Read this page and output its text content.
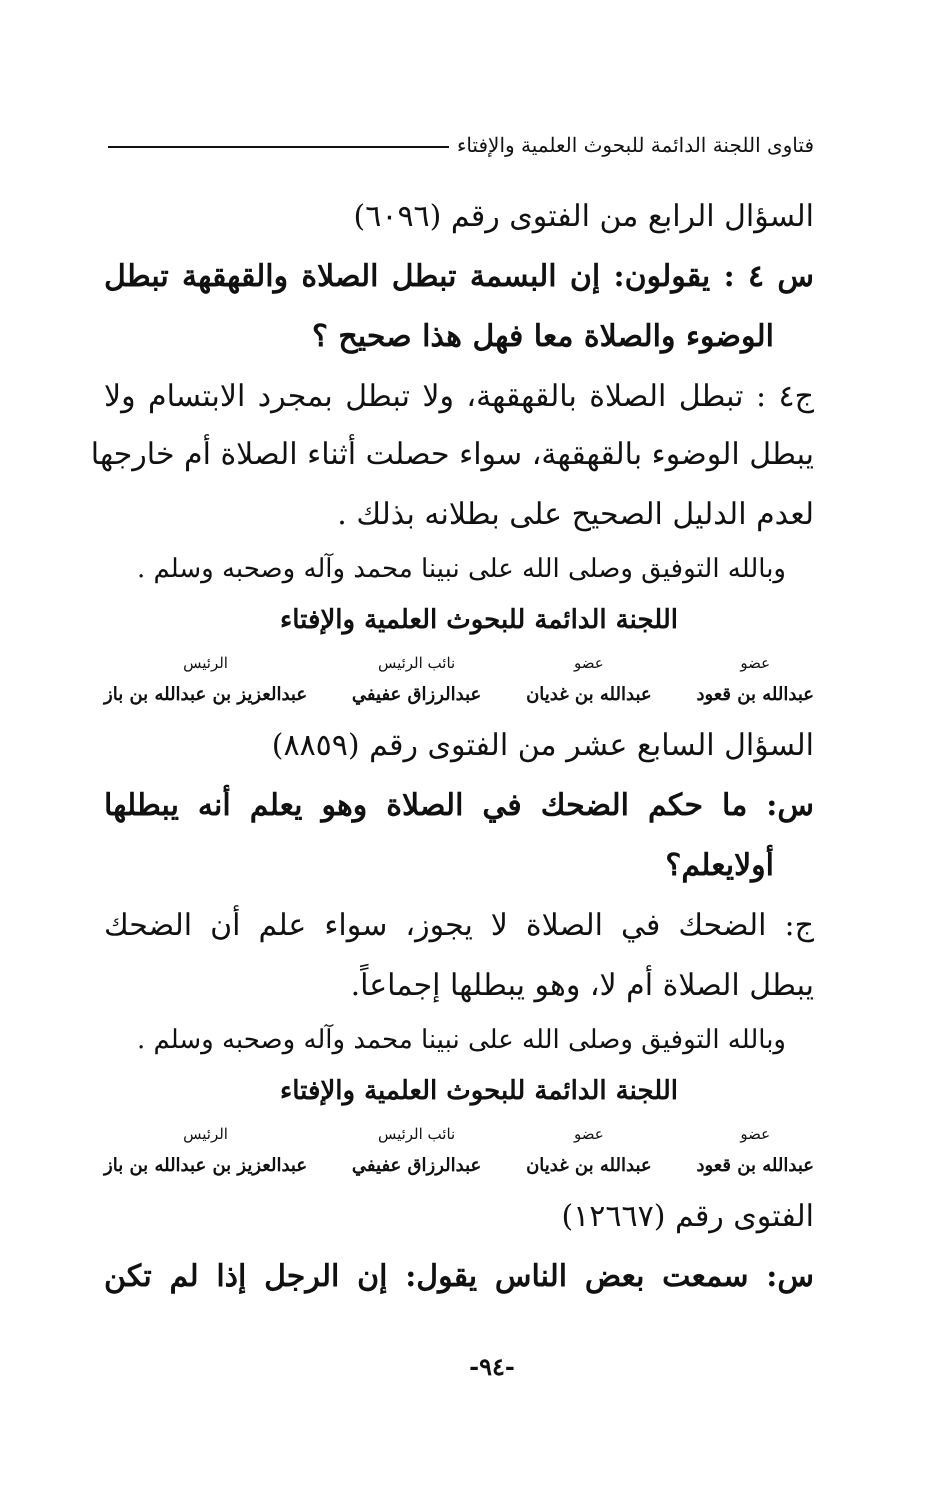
فتاوى اللجنة الدائمة للبحوث العلمية والإفتاء
السؤال الرابع من الفتوى رقم (٦٠٩٦)
س ٤ : يقولون: إن البسمة تبطل الصلاة والقهقهة تبطل
الوضوء والصلاة معا فهل هذا صحيح ؟
ج٤ : تبطل الصلاة بالقهقهة، ولا تبطل بمجرد الابتسام ولا
يبطل الوضوء بالقهقهة، سواء حصلت أثناء الصلاة أم خارجها
لعدم الدليل الصحيح على بطلانه بذلك .
وبالله التوفيق وصلى الله على نبينا محمد وآله وصحبه وسلم .
اللجنة الدائمة للبحوث العلمية والإفتاء
عضو
عبدالله بن قعود
عضو
عبدالله بن غديان
نائب الرئيس
عبدالرزاق عفيفي
الرئيس
عبدالعزيز بن عبدالله بن باز
السؤال السابع عشر من الفتوى رقم (٨٨٥٩)
س: ما حكم الضحك في الصلاة وهو يعلم أنه يبطلها
أولايعلم؟
ج: الضحك في الصلاة لا يجوز، سواء علم أن الضحك
يبطل الصلاة أم لا، وهو يبطلها إجماعاً.
وبالله التوفيق وصلى الله على نبينا محمد وآله وصحبه وسلم .
اللجنة الدائمة للبحوث العلمية والإفتاء
عضو
عبدالله بن قعود
عضو
عبدالله بن غديان
نائب الرئيس
عبدالرزاق عفيفي
الرئيس
عبدالعزيز بن عبدالله بن باز
الفتوى رقم (١٢٦٦٧)
س: سمعت بعض الناس يقول: إن الرجل إذا لم تكن
-٩٤-
